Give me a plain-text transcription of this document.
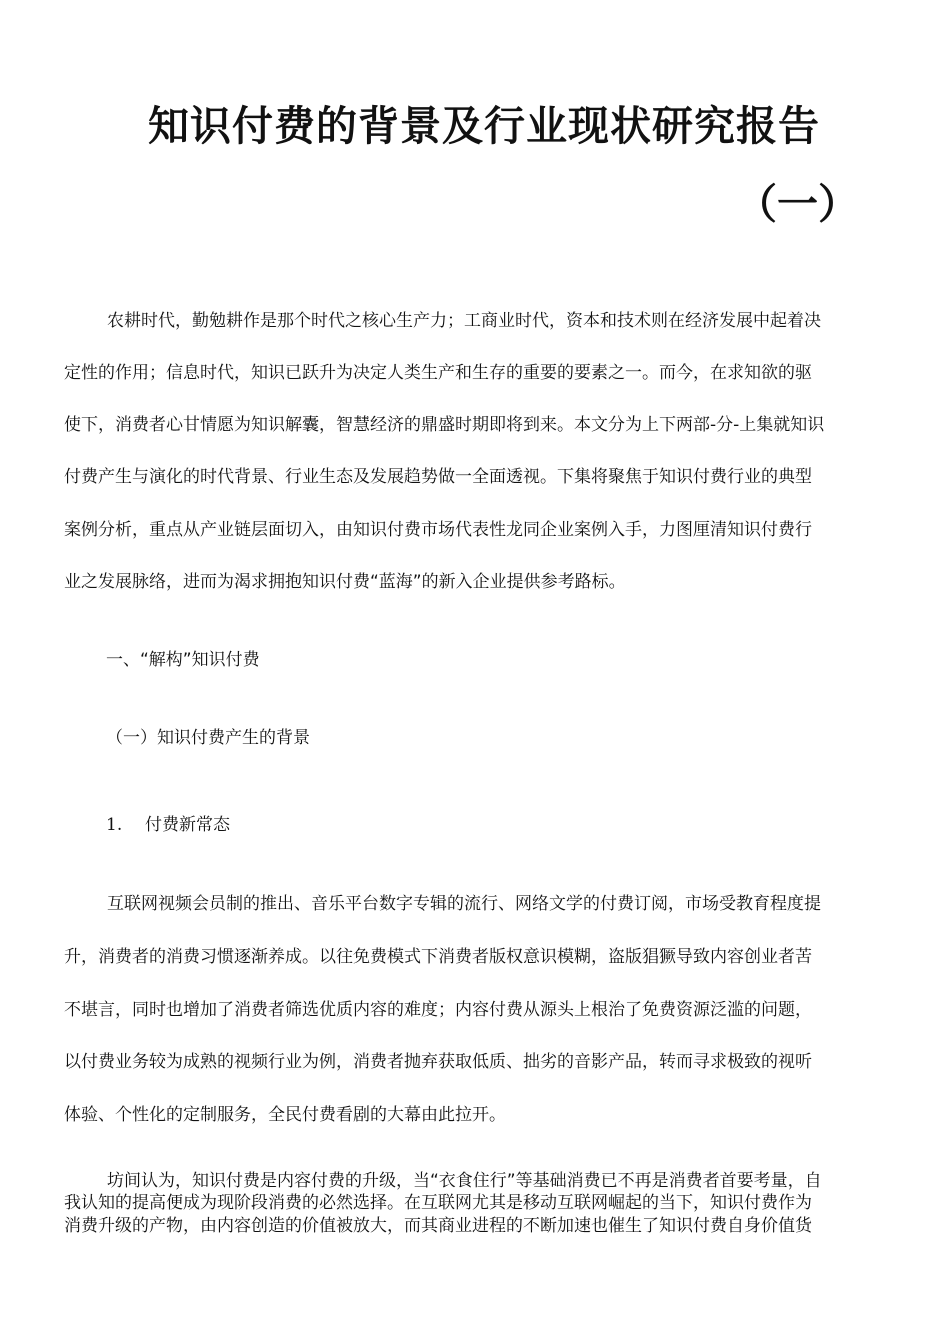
知识付费的背景及行业现状研究报告
（一）
农耕时代，勤勉耕作是那个时代之核心生产力；工商业时代，资本和技术则在经济发展中起着决
定性的作用；信息时代，知识已跃升为决定人类生产和生存的重要的要素之一。而今，在求知欲的驱
使下，消费者心甘情愿为知识解囊，智慧经济的鼎盛时期即将到来。本文分为上下两部-分-上集就知识
付费产生与演化的时代背景、行业生态及发展趋势做一全面透视。下集将聚焦于知识付费行业的典型
案例分析，重点从产业链层面切入，由知识付费市场代表性龙同企业案例入手，力图厘清知识付费行
业之发展脉络，进而为渴求拥抱知识付费“蓝海”的新入企业提供参考路标。
一、“解构”知识付费
（一）知识付费产生的背景
1. 付费新常态
互联网视频会员制的推出、音乐平台数字专辑的流行、网络文学的付费订阅，市场受教育程度提
升，消费者的消费习惯逐渐养成。以往免费模式下消费者版权意识模糊，盗版猖獗导致内容创业者苦
不堪言，同时也增加了消费者筛选优质内容的难度；内容付费从源头上根治了免费资源泛滥的问题，
以付费业务较为成熟的视频行业为例，消费者抛弃获取低质、拙劣的音影产品，转而寻求极致的视听
体验、个性化的定制服务，全民付费看剧的大幕由此拉开。
坊间认为，知识付费是内容付费的升级，当“衣食住行”等基础消费已不再是消费者首要考量，自
我认知的提高便成为现阶段消费的必然选择。在互联网尤其是移动互联网崛起的当下，知识付费作为
消费升级的产物，由内容创造的价值被放大，而其商业进程的不断加速也催生了知识付费自身价值货
